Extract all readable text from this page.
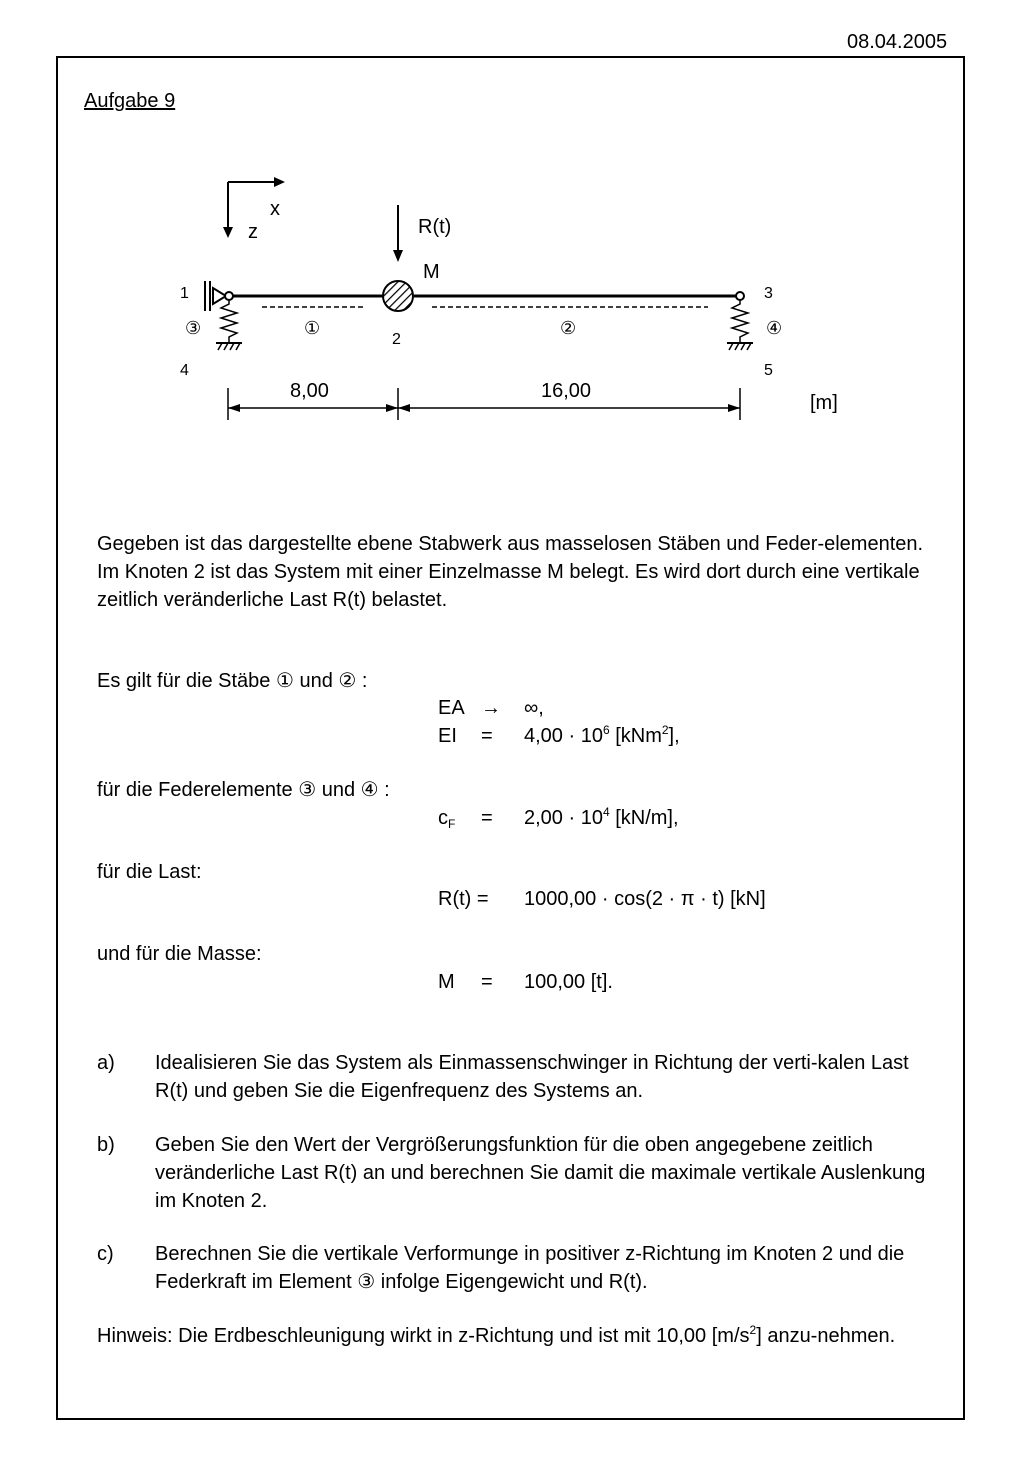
08.04.2005
Aufgabe 9
x
z	R(t)
M
1
2
3
4	5
①	②
③	④
8,00	16,00
[m]
Gegeben ist das dargestellte ebene Stabwerk aus masselosen Stäben und Feder-elementen. Im Knoten 2 ist das System mit einer Einzelmasse M belegt. Es wird dort durch eine vertikale zeitlich veränderliche Last R(t) belastet.
Es gilt für die Stäbe ① und ② :
EA → ∞,
EI = $4,00 \cdot 10^6$ [kNm$^2$],
für die Federelemente ③ und ④ :
$c_F = 2,00 \cdot 10^4$ [kN/m],
für die Last:
R(t) = 1000,00 · cos(2 · π · t) [kN]
und für die Masse:
M = 100,00 [t].
a) Idealisieren Sie das System als Einmassenschwinger in Richtung der verti-kalen Last R(t) und geben Sie die Eigenfrequenz des Systems an.
b) Geben Sie den Wert der Vergrößerungsfunktion für die oben angegebene zeitlich veränderliche Last R(t) an und berechnen Sie damit die maximale vertikale Auslenkung im Knoten 2.
c) Berechnen Sie die vertikale Verformunge in positiver z-Richtung im Knoten 2 und die Federkraft im Element ③ infolge Eigengewicht und R(t).
Hinweis: Die Erdbeschleunigung wirkt in z-Richtung und ist mit 10,00 $[m/s^2]$ anzu-nehmen.
